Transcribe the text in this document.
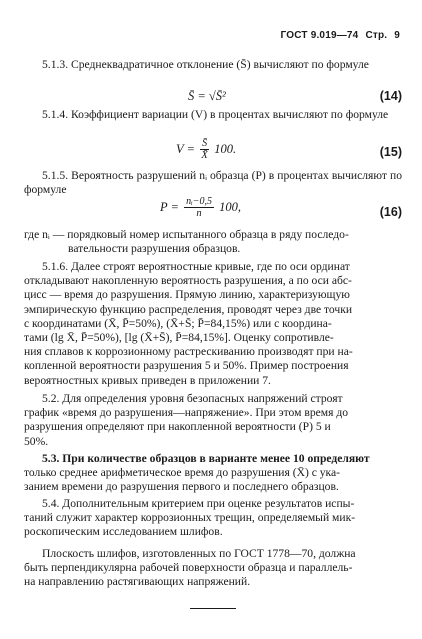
ГОСТ 9.019—74 Стр. 9
5.1.3. Среднеквадратичное отклонение (S̄) вычисляют по формуле
S̄ = √S̄²	(14)
5.1.4. Коэффициент вариации (V) в процентах вычисляют по формуле
$V = \frac{S̄}{X̄} 100$.	(15)
5.1.5. Вероятность разрушений nᵢ образца (P) в процентах вычисляют по формуле
$P = \frac{\text{nᵢ−0,5}}{n} 100$,	(16)
где nᵢ — порядковый номер испытанного образца в ряду последо-
вательности разрушения образцов.
5.1.6. Далее строят вероятностные кривые, где по оси ординат
откладывают накопленную вероятность разрушения, а по оси абс-
цисс — время до разрушения. Прямую линию, характеризующую
эмпирическую функцию распределения, проводят через две точки
с координатами (X̄, P̄=50%), (X̄+S̄; P̄=84,15%) или с координа-
тами (lg X̄, P̄=50%), [lg (X̄+S̄), P̄=84,15%]. Оценку сопротивле-
ния сплавов к коррозионному растрескиванию производят при на-
копленной вероятности разрушения 5 и 50%. Пример построения
вероятностных кривых приведен в приложении 7.
5.2. Для определения уровня безопасных напряжений строят
график «время до разрушения—напряжение». При этом время до
разрушения определяют при накопленной вероятности (P) 5 и
50%.
5.3. При количестве образцов в варианте менее 10 определяют
только среднее арифметическое время до разрушения (X̄) с ука-
занием времени до разрушения первого и последнего образцов.
5.4. Дополнительным критерием при оценке результатов испы-
таний служит характер коррозионных трещин, определяемый мик-
роскопическим исследованием шлифов.
Плоскость шлифов, изготовленных по ГОСТ 1778—70, должна
быть перпендикулярна рабочей поверхности образца и параллель-
на направлению растягивающих напряжений.
